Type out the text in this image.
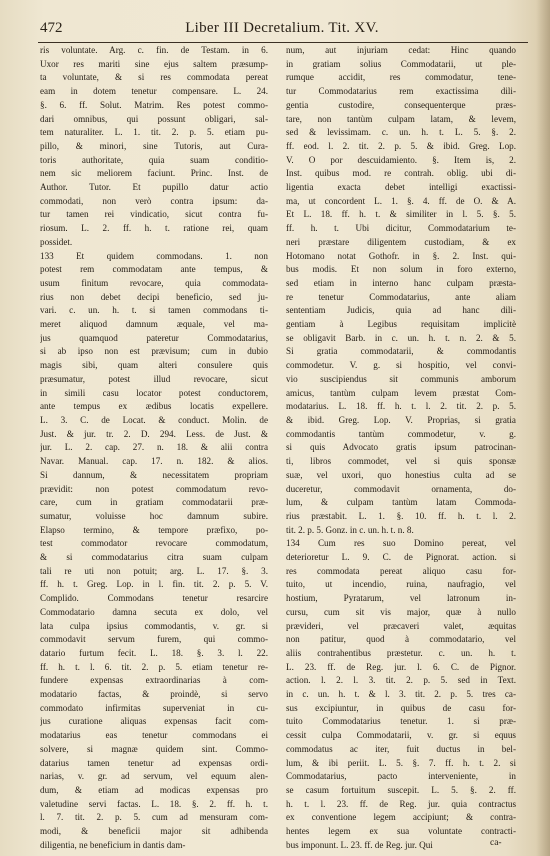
472	Liber III Decretalium. Tit. XV.
ris voluntate. Arg. c. fin. de Testam. in 6.
Uxor res mariti sine ejus saltem præsump-
ta voluntate, & si res commodata pereat
eam in dotem tenetur compensare. L. 24.
§. 6. ff. Solut. Matrim. Res potest commo-
dari omnibus, qui possunt obligari, sal-
tem naturaliter. L. 1. tit. 2. p. 5. etiam pu-
pillo, & minori, sine Tutoris, aut Cura-
toris authoritate, quia suam conditio-
nem sic meliorem faciunt. Princ. Inst. de
Author. Tutor. Et pupillo datur actio
commodati, non verò contra ipsum: da-
tur tamen rei vindicatio, sicut contra fu-
riosum. L. 2. ff. h. t. ratione rei, quam
possidet.
133 Et quidem commodans. 1. non
potest rem commodatam ante tempus, &
usum finitum revocare, quia commodata-
rius non debet decipi beneficio, sed ju-
vari. c. un. h. t. si tamen commodans ti-
meret aliquod damnum æquale, vel ma-
jus quamquod pateretur Commodatarius,
si ab ipso non est prævisum; cum in dubio
magis sibi, quam alteri consulere quis
præsumatur, potest illud revocare, sicut
in simili casu locator potest conductorem,
ante tempus ex ædibus locatis expellere.
L. 3. C. de Locat. & conduct. Molin. de
Just. & jur. tr. 2. D. 294. Less. de Just. &
jur. L. 2. cap. 27. n. 18. & alii contra
Navar. Manual. cap. 17. n. 182. & alios.
Si dannum, & necessitatem propriam
prævidit: non potest commodatum revo-
care, cum in gratiam commodatarii præ-
sumatur, voluisse hoc damnum subire.
Elapso termino, & tempore præfixo, po-
test commodator revocare commodatum,
& si commodatarius citra suam culpam
tali re uti non potuit; arg. L. 17. §. 3.
ff. h. t. Greg. Lop. in l. fin. tit. 2. p. 5. V.
Complido. Commodans tenetur resarcire
Commodatario damna secuta ex dolo, vel
lata culpa ipsius commodantis, v. gr. si
commodavit servum furem, qui commo-
datario furtum fecit. L. 18. §. 3. l. 22.
ff. h. t. l. 6. tit. 2. p. 5. etiam tenetur re-
fundere expensas extraordinarias à com-
modatario factas, & proindè, si servo
commodato infirmitas superveniat in cu-
jus curatione aliquas expensas facit com-
modatarius eas tenetur commodans ei
solvere, si magnæ quidem sint. Commo-
datarius tamen tenetur ad expensas ordi-
narias, v. gr. ad servum, vel equum alen-
dum, & etiam ad modicas expensas pro
valetudine servi factas. L. 18. §. 2. ff. h. t.
l. 7. tit. 2. p. 5. cum ad mensuram com-
modi, & beneficii major sit adhibenda
diligentia, ne beneficium in dantis dam-
num, aut injuriam cedat: Hinc quando
in gratiam solius Commodatarii, ut ple-
rumque accidit, res commodatur, tene-
tur Commodatarius rem exactissima dili-
gentia custodire, consequenterque præs-
tare, non tantùm culpam latam, & levem,
sed & levissimam. c. un. h. t. L. 5. §. 2.
ff. eod. l. 2. tit. 2. p. 5. & ibid. Greg. Lop.
V. O por descuidamiento. §. Item is, 2.
Inst. quibus mod. re contrah. oblig. ubi di-
ligentia exacta debet intelligi exactissi-
ma, ut concordent L. 1. §. 4. ff. de O. & A.
Et L. 18. ff. h. t. & similiter in l. 5. §. 5.
ff. h. t. Ubi dicitur, Commodatarium te-
neri præstare diligentem custodiam, & ex
Hotomano notat Gothofr. in §. 2. Inst. qui-
bus modis. Et non solum in foro externo,
sed etiam in interno hanc culpam præsta-
re tenetur Commodatarius, ante aliam
sententiam Judicis, quia ad hanc dili-
gentiam à Legibus requisitam implicitè
se obligavit Barb. in c. un. h. t. n. 2. & 5.
Si gratia commodatarii, & commodantis
commodetur. V. g. si hospitio, vel convi-
vio suscipiendus sit communis amborum
amicus, tantùm culpam levem præstat Com-
modatarius. L. 18. ff. h. t. l. 2. tit. 2. p. 5.
& ibid. Greg. Lop. V. Proprias, si gratia
commodantis tantùm commodetur, v. g.
si quis Advocato gratis ipsum patrocinan-
ti, libros commodet, vel si quis sponsæ
suæ, vel uxori, quo honestius culta ad se
duceretur, commodavit ornamenta, do-
lum, & culpam tantùm latam Commoda-
rius præstabit. L. 1. §. 10. ff. h. t. l. 2.
tit. 2. p. 5. Gonz. in c. un. h. t. n. 8.
134 Cum res suo Domino pereat, vel
deterioretur L. 9. C. de Pignorat. action. si
res commodata pereat aliquo casu for-
tuito, ut incendio, ruina, naufragio, vel
hostium, Pyratarum, vel latronum in-
cursu, cum sit vis major, quæ à nullo
prævideri, vel præcaveri valet, æquitas
non patitur, quod à commodatario, vel
aliis contrahentibus præstetur. c. un. h. t.
L. 23. ff. de Reg. jur. l. 6. C. de Pignor.
action. l. 2. l. 3. tit. 2. p. 5. sed in Text.
in c. un. h. t. & l. 3. tit. 2. p. 5. tres ca-
sus excipiuntur, in quibus de casu for-
tuito Commodatarius tenetur. 1. si præ-
cessit culpa Commodatarii, v. gr. si equus
commodatus ac iter, fuit ductus in bel-
lum, & ibi periit. L. 5. §. 7. ff. h. t. 2. si
Commodatarius, pacto interveniente, in
se casum fortuitum suscepit. L. 5. §. 2. ff.
h. t. l. 23. ff. de Reg. jur. quia contractus
ex conventione legem accipiunt; & contra-
hentes legem ex sua voluntate contracti-
bus imponunt. L. 23. ff. de Reg. jur. Qui	ca-
